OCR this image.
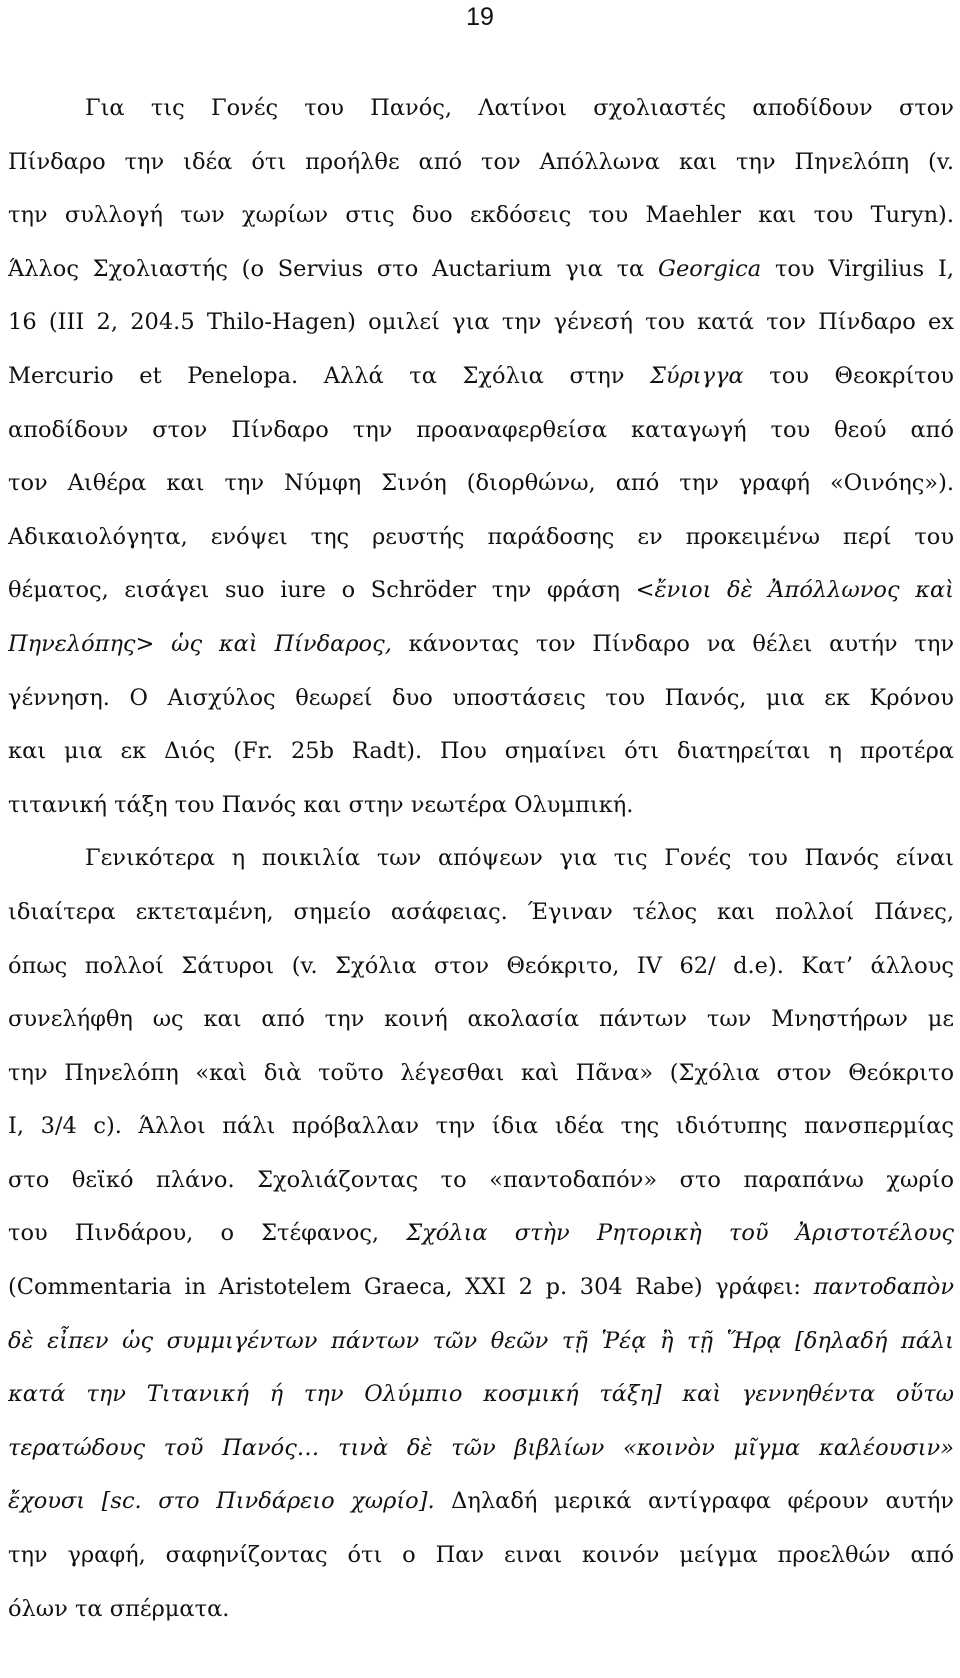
19
Για τις Γονές του Πανός, Λατίνοι σχολιαστές αποδίδουν στον
Πίνδαρο την ιδέα ότι προήλθε από τον Απόλλωνα και την Πηνελόπη (v.
την συλλογή των χωρίων στις δυο εκδόσεις του Maehler και του Turyn).
Άλλος Σχολιαστής (ο Servius στο Auctarium για τα Georgica του Virgilius I,
16 (III 2, 204.5 Thilo-Hagen) ομιλεί για την γένεσή του κατά τον Πίνδαρο ex
Mercurio et Penelopa. Αλλά τα Σχόλια στην Σύριγγα του Θεοκρίτου
αποδίδουν στον Πίνδαρο την προαναφερθείσα καταγωγή του θεού από
τον Αιθέρα και την Νύμφη Σινόη (διορθώνω, από την γραφή «Οινόης»).
Αδικαιολόγητα, ενόψει της ρευστής παράδοσης εν προκειμένω περί του
θέματος, εισάγει suo iure ο Schröder την φράση <ἔνιοι δὲ Ἀπόλλωνος καὶ
Πηνελόπης> ὡς καὶ Πίνδαρος, κάνοντας τον Πίνδαρο να θέλει αυτήν την
γέννηση. Ο Αισχύλος θεωρεί δυο υποστάσεις του Πανός, μια εκ Κρόνου
και μια εκ Διός (Fr. 25b Radt). Που σημαίνει ότι διατηρείται η προτέρα
τιτανική τάξη του Πανός και στην νεωτέρα Ολυμπική.
Γενικότερα η ποικιλία των απόψεων για τις Γονές του Πανός είναι
ιδιαίτερα εκτεταμένη, σημείο ασάφειας. Έγιναν τέλος και πολλοί Πάνες,
όπως πολλοί Σάτυροι (v. Σχόλια στον Θεόκριτο, IV 62/ d.e). Κατ’ άλλους
συνελήφθη ως και από την κοινή ακολασία πάντων των Μνηστήρων με
την Πηνελόπη «καὶ διὰ τοῦτο λέγεσθαι καὶ Πᾶνα» (Σχόλια στον Θεόκριτο
I, 3/4 c). Άλλοι πάλι πρόβαλλαν την ίδια ιδέα της ιδιότυπης πανσπερμίας
στο θεϊκό πλάνο. Σχολιάζοντας το «παντοδαπόν» στο παραπάνω χωρίο
του Πινδάρου, ο Στέφανος, Σχόλια στὴν Ρητορικὴ τοῦ Ἀριστοτέλους
(Commentaria in Aristotelem Graeca, XXI 2 p. 304 Rabe) γράφει: παντοδαπὸν
δὲ εἶπεν ὡς συμμιγέντων πάντων τῶν θεῶν τῇ Ῥέᾳ ἢ τῇ Ἥρᾳ [δηλαδή πάλι
κατά την Τιτανική ή την Ολύμπιο κοσμική τάξη] καὶ γεννηθέντα οὕτω
τερατώδους τοῦ Πανός… τινὰ δὲ τῶν βιβλίων «κοινὸν μῖγμα καλέουσιν»
ἔχουσι [sc. στο Πινδάρειο χωρίο]. Δηλαδή μερικά αντίγραφα φέρουν αυτήν
την γραφή, σαφηνίζοντας ότι ο Παν ειναι κοινόν μείγμα προελθών από
όλων τα σπέρματα.
